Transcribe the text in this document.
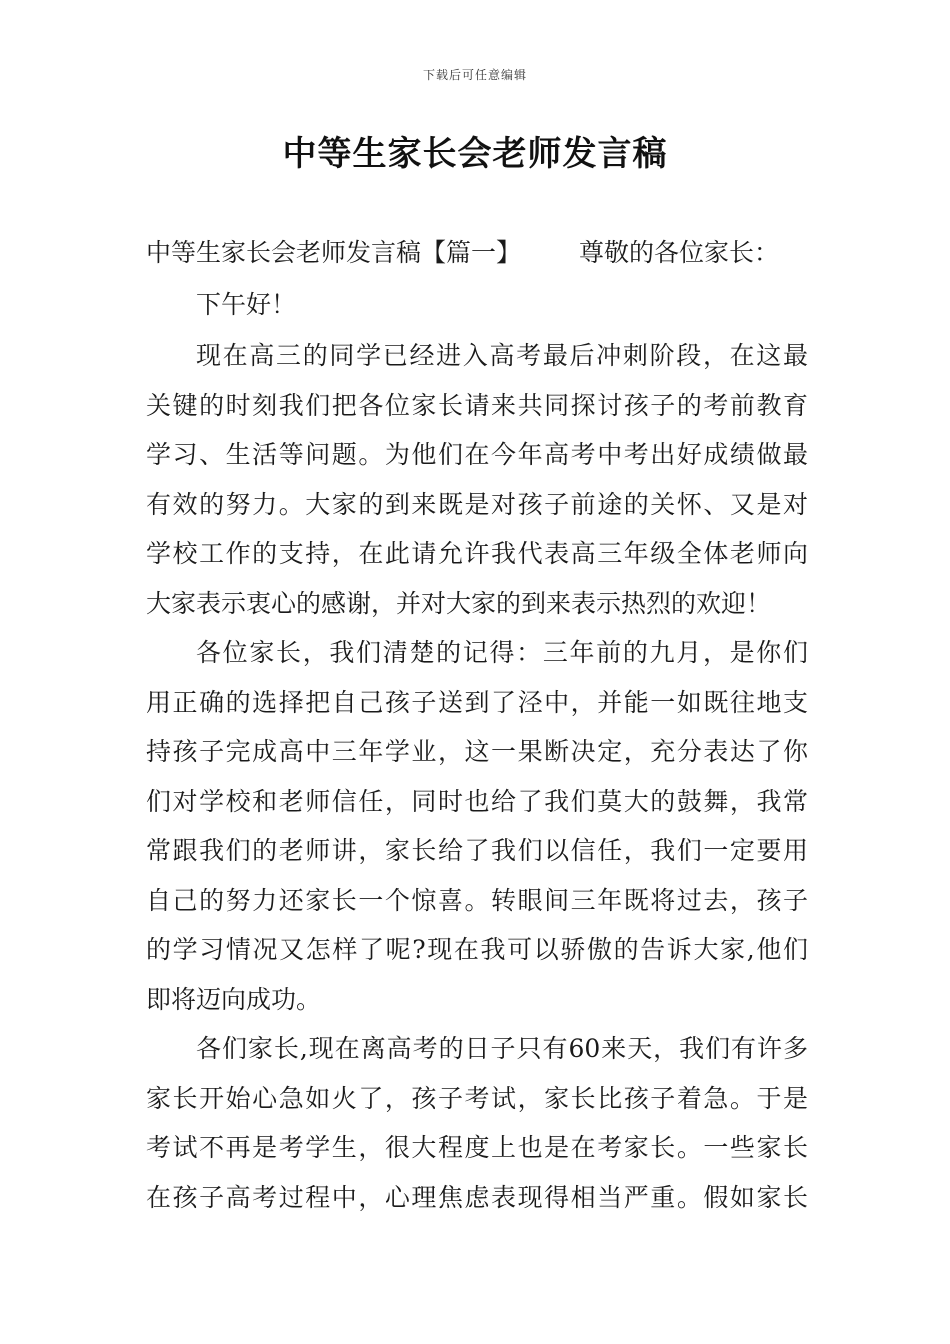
下载后可任意编辑
中等生家长会老师发言稿
中等生家长会老师发言稿【篇一】 尊敬的各位家长：
下午好！
现在高三的同学已经进入高考最后冲刺阶段，在这最
关键的时刻我们把各位家长请来共同探讨孩子的考前教育
学习、生活等问题。为他们在今年高考中考出好成绩做最
有效的努力。大家的到来既是对孩子前途的关怀、又是对
学校工作的支持，在此请允许我代表高三年级全体老师向
大家表示衷心的感谢，并对大家的到来表示热烈的欢迎！
各位家长，我们清楚的记得：三年前的九月，是你们
用正确的选择把自己孩子送到了泾中，并能一如既往地支
持孩子完成高中三年学业，这一果断决定，充分表达了你
们对学校和老师信任，同时也给了我们莫大的鼓舞，我常
常跟我们的老师讲，家长给了我们以信任，我们一定要用
自己的努力还家长一个惊喜。转眼间三年既将过去，孩子
的学习情况又怎样了呢?现在我可以骄傲的告诉大家,他们
即将迈向成功。
各们家长,现在离高考的日子只有60来天，我们有许多
家长开始心急如火了，孩子考试，家长比孩子着急。于是
考试不再是考学生，很大程度上也是在考家长。一些家长
在孩子高考过程中，心理焦虑表现得相当严重。假如家长
